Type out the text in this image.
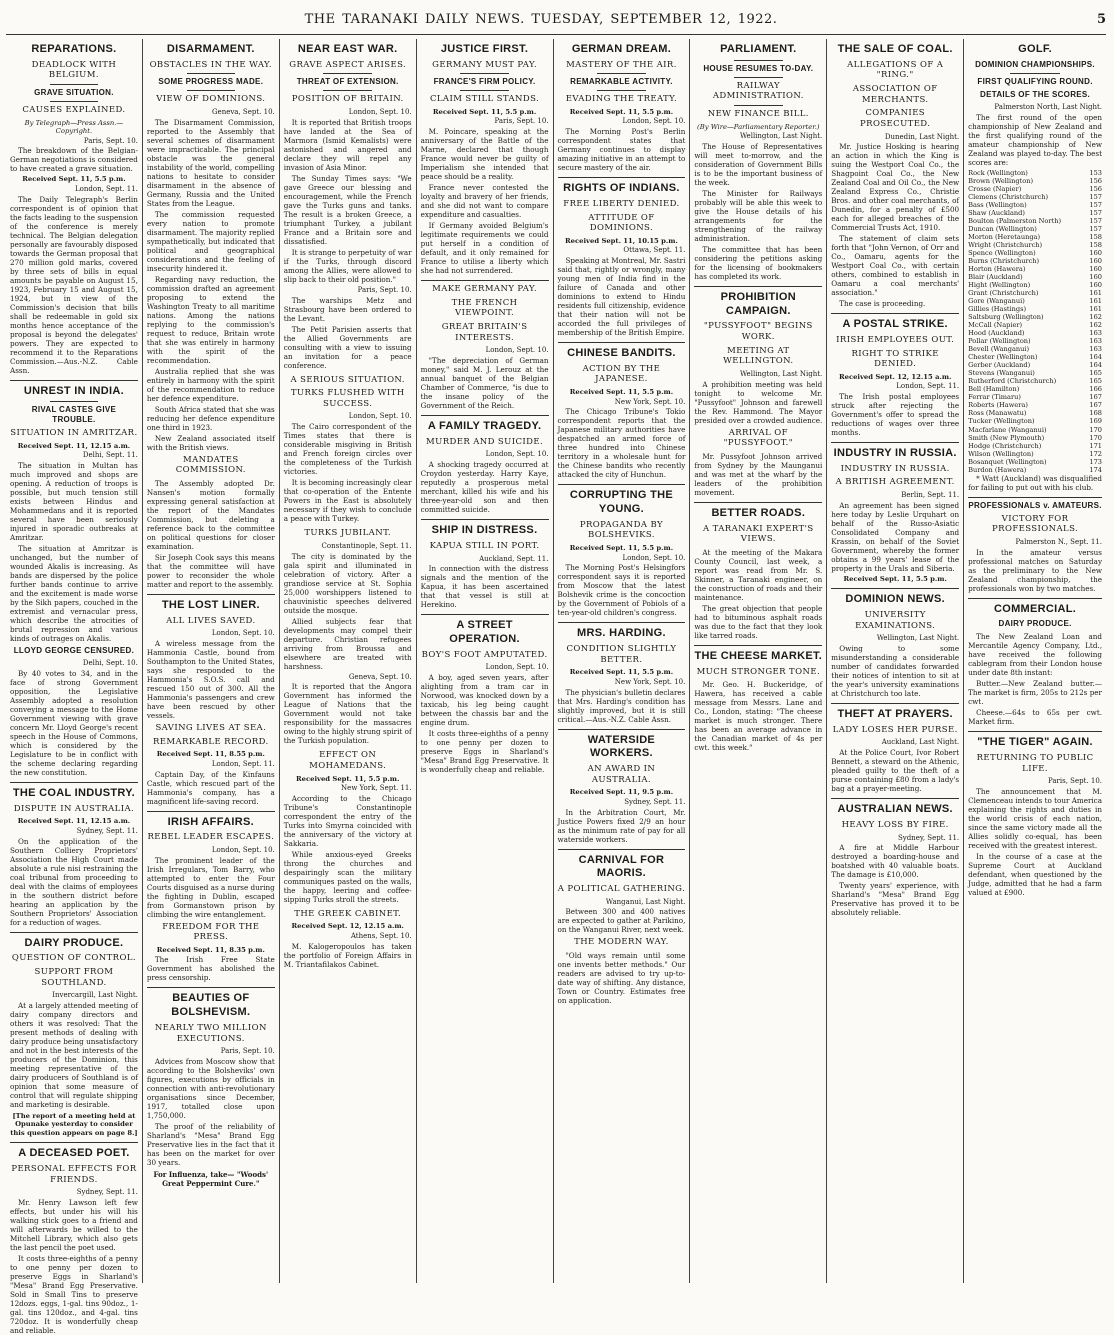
THE TARANAKI DAILY NEWS. TUESDAY, SEPTEMBER 12, 1922.	5
REPARATIONS.
DEADLOCK WITH BELGIUM.
GRAVE SITUATION.
CAUSES EXPLAINED.
By Telegraph—Press Assn.—Copyright.
Paris, Sept. 10.

The breakdown of the Belgian-German negotiations is considered to have created a grave situation.

Received Sept. 11, 5.5 p.m.
London, Sept. 11.

The Daily Telegraph's Berlin correspondent is of opinion that the facts leading to the suspension of the conference is merely technical. The Belgian delegation personally are favourably disposed towards the German proposal that 270 million gold marks, covered by three sets of bills in equal amounts be payable on August 15, 1923, February 15 and August 15, 1924, but in view of the Commission's decision that bills shall be redeemable in gold six months hence acceptance of the proposal is beyond the delegates' powers. They are expected to recommend it to the Reparations Commission.—Aus.-N.Z. Cable Assn.

UNREST IN INDIA.
RIVAL CASTES GIVE TROUBLE.
SITUATION IN AMRITZAR.
Received Sept. 11, 12.15 a.m.
Delhi, Sept. 11.

The situation in Multan has much improved and shops are opening. A reduction of troops is possible, but much tension still exists between Hindus and Mohammedans and it is reported several have been seriously injured in sporadic outbreaks at Amritzar.

The situation at Amritzar is unchanged, but the number of wounded Akalis is increasing. As bands are dispersed by the police further bands continue to arrive and the excitement is made worse by the Sikh papers, couched in the extremist and vernacular press, which describe the atrocities of brutal repression and various kinds of outrages on Akalis.

LLOYD GEORGE CENSURED.
Delhi, Sept. 10.

By 40 votes to 34, and in the face of strong Government opposition, the Legislative Assembly adopted a resolution conveying a message to the Home Government viewing with grave concern Mr. Lloyd George's recent speech in the House of Commons, which is considered by the Legislature to be in conflict with the scheme declaring regarding the new constitution.

THE COAL INDUSTRY.
DISPUTE IN AUSTRALIA.
Received Sept. 11, 12.15 a.m.
Sydney, Sept. 11.

On the application of the Southern Colliery Proprietors' Association the High Court made absolute a rule nisi restraining the coal tribunal from proceeding to deal with the claims of employees in the southern district before hearing an application by the Southern Proprietors' Association for a reduction of wages.

DAIRY PRODUCE.
QUESTION OF CONTROL.
SUPPORT FROM SOUTHLAND.
Invercargill, Last Night.

At a largely attended meeting of dairy company directors and others it was resolved: That the present methods of dealing with dairy produce being unsatisfactory and not in the best interests of the producers of the Dominion, this meeting representative of the dairy producers of Southland is of opinion that some measure of control that will regulate shipping and marketing is desirable.

[The report of a meeting held at Opunake yesterday to consider this question appears on page 8.]
A DECEASED POET.
PERSONAL EFFECTS FOR FRIENDS.
Sydney, Sept. 11.

Mr. Henry Lawson left few effects, but under his will his walking stick goes to a friend and will afterwards be willed to the Mitchell Library, which also gets the last pencil the poet used.

It costs three-eighths of a penny to one penny per dozen to preserve Eggs in Sharland's "Mesa" Brand Egg Preservative. Sold in Small Tins to preserve 12dozs. eggs, 1-gal. tins 90doz., 1-gal. tins 120doz., and 4-gal. tins 720doz. It is wonderfully cheap and reliable.

DISARMAMENT.
OBSTACLES IN THE WAY.
SOME PROGRESS MADE.
VIEW OF DOMINIONS.
Geneva, Sept. 10.

The Disarmament Commission, reported to the Assembly that several schemes of disarmament were impracticable. The principal obstacle was the general instability of the world, compelling nations to hesitate to consider disarmament in the absence of Germany, Russia and the United States from the League.

The commission requested every nation to promote disarmament. The majority replied sympathetically, but indicated that political and geographical considerations and the feeling of insecurity hindered it.

Regarding navy reduction, the commission drafted an agreement proposing to extend the Washington Treaty to all maritime nations. Among the nations replying to the commission's request to reduce, Britain wrote that she was entirely in harmony with the spirit of the recommendation.

Australia replied that she was entirely in harmony with the spirit of the recommendation to reduce her defence expenditure.

South Africa stated that she was reducing her defence expenditure one third in 1923.

New Zealand associated itself with the British views.

MANDATES COMMISSION.

The Assembly adopted Dr. Nansen's motion formally expressing general satisfaction at the report of the Mandates Commission, but deleting a reference back to the committee on political questions for closer examination.

Sir Joseph Cook says this means that the committee will have power to reconsider the whole matter and report to the assembly.

THE LOST LINER.
ALL LIVES SAVED.
London, Sept. 10.

A wireless message from the Hammonia Castle, bound from Southampton to the United States, says she responded to the Hammonia's S.O.S. call and rescued 150 out of 300. All the Hammonia's passengers and crew have been rescued by other vessels.

SAVING LIVES AT SEA.
REMARKABLE RECORD.
Received Sept. 11, 8.55 p.m.
London, Sept. 11.

Captain Day, of the Kinfauns Castle, which rescued part of the Hammonia's company, has a magnificent life-saving record.

IRISH AFFAIRS.
REBEL LEADER ESCAPES.
London, Sept. 10.

The prominent leader of the Irish Irregulars, Tom Barry, who attempted to enter the Four Courts disguised as a nurse during the fighting in Dublin, escaped from Gormanstown prison by climbing the wire entanglement.

FREEDOM FOR THE PRESS.
Received Sept. 11, 8.35 p.m.

The Irish Free State Government has abolished the press censorship.

BEAUTIES OF BOLSHEVISM.
NEARLY TWO MILLION EXECUTIONS.
Paris, Sept. 10.

Advices from Moscow show that according to the Bolsheviks' own figures, executions by officials in connection with anti-revolutionary organisations since December, 1917, totalled close upon 1,750,000.

The proof of the reliability of Sharland's "Mesa" Brand Egg Preservative lies in the fact that it has been on the market for over 30 years.

For Influenza, take— "Woods' Great Peppermint Cure."
NEAR EAST WAR.
GRAVE ASPECT ARISES.
THREAT OF EXTENSION.
POSITION OF BRITAIN.
London, Sept. 10.

It is reported that British troops have landed at the Sea of Marmora (Ismid Kemalists) were astonished and angered and declare they will repel any invasion of Asia Minor.

The Sunday Times says: "We gave Greece our blessing and encouragement, while the French gave the Turks guns and tanks. The result is a broken Greece, a triumphant Turkey, a jubilant France and a Britain sore and dissatisfied.

It is strange to perpetuity of war if the Turks, through discord among the Allies, were allowed to slip back to their old position."

Paris, Sept. 10.

The warships Metz and Strasbourg have been ordered to the Levant.

The Petit Parisien asserts that the Allied Governments are consulting with a view to issuing an invitation for a peace conference.

A SERIOUS SITUATION.
TURKS FLUSHED WITH SUCCESS.
London, Sept. 10.

The Cairo correspondent of the Times states that there is considerable misgiving in British and French foreign circles over the completeness of the Turkish victories.

It is becoming increasingly clear that co-operation of the Entente Powers in the East is absolutely necessary if they wish to conclude a peace with Turkey.

TURKS JUBILANT.
Constantinople, Sept. 11.

The city is dominated by the gala spirit and illuminated in celebration of victory. After a grandiose service at St. Sophia 25,000 worshippers listened to chauvinistic speeches delivered outside the mosque.

Allied subjects fear that developments may compel their departure. Christian refugees arriving from Broussa and elsewhere are treated with harshness.

Geneva, Sept. 10.

It is reported that the Angora Government has informed the League of Nations that the Government would not take responsibility for the massacres owing to the highly strung spirit of the Turkish population.

EFFECT ON MOHAMEDANS.
Received Sept. 11, 5.5 p.m.
New York, Sept. 11.

According to the Chicago Tribune's Constantinople correspondent the entry of the Turks into Smyrna coincided with the anniversary of the victory at Sakkaria.

While anxious-eyed Greeks throng the churches and despairingly scan the military communiques pasted on the walls, the happy, leering and coffee-sipping Turks stroll the streets.

THE GREEK CABINET.
Received Sept. 12, 12.15 a.m.
Athens, Sept. 10.

M. Kalogeropoulos has taken the portfolio of Foreign Affairs in M. Triantafilakos Cabinet.

JUSTICE FIRST.
GERMANY MUST PAY.
FRANCE'S FIRM POLICY.
CLAIM STILL STANDS.
Received Sept. 11, 5.5 p.m.
Paris, Sept. 10.

M. Poincare, speaking at the anniversary of the Battle of the Marne, declared that though France would never be guilty of Imperialism she intended that peace should be a reality.

France never contested the loyalty and bravery of her friends, and she did not want to compare expenditure and casualties.

If Germany avoided Belgium's legitimate requirements we could put herself in a condition of default, and it only remained for France to utilise a liberty which she had not surrendered.

MAKE GERMANY PAY.
THE FRENCH VIEWPOINT.
GREAT BRITAIN'S INTERESTS.
London, Sept. 10.

"The depreciation of German money," said M. J. Lerouz at the annual banquet of the Belgian Chamber of Commerce, "is due to the insane policy of the Government of the Reich.

A FAMILY TRAGEDY.
MURDER AND SUICIDE.
London, Sept. 10.

A shocking tragedy occurred at Croydon yesterday. Harry Kaye, reputedly a prosperous metal merchant, killed his wife and his three-year-old son and then committed suicide.

SHIP IN DISTRESS.
KAPUA STILL IN PORT.
Auckland, Sept. 11.

In connection with the distress signals and the mention of the Kapua, it has been ascertained that that vessel is still at Herekino.

A STREET OPERATION.
BOY'S FOOT AMPUTATED.
London, Sept. 10.

A boy, aged seven years, after alighting from a tram car in Norwood, was knocked down by a taxicab, his leg being caught between the chassis bar and the engine drum.

It costs three-eighths of a penny to one penny per dozen to preserve Eggs in Sharland's "Mesa" Brand Egg Preservative. It is wonderfully cheap and reliable.

GERMAN DREAM.
MASTERY OF THE AIR.
REMARKABLE ACTIVITY.
EVADING THE TREATY.
Received Sept. 11, 5.5 p.m.
London, Sept. 10.

The Morning Post's Berlin correspondent states that Germany continues to display amazing initiative in an attempt to secure mastery of the air.

RIGHTS OF INDIANS.
FREE LIBERTY DENIED.
ATTITUDE OF DOMINIONS.
Received Sept. 11, 10.15 p.m.
Ottawa, Sept. 11.

Speaking at Montreal, Mr. Sastri said that, rightly or wrongly, many young men of India find in the failure of Canada and other dominions to extend to Hindu residents full citizenship, evidence that their nation will not be accorded the full privileges of membership of the British Empire.

CHINESE BANDITS.
ACTION BY THE JAPANESE.
Received Sept. 11, 5.5 p.m.
New York, Sept. 10.

The Chicago Tribune's Tokio correspondent reports that the Japanese military authorities have despatched an armed force of three hundred into Chinese territory in a wholesale hunt for the Chinese bandits who recently attacked the city of Hunchun.

CORRUPTING THE YOUNG.
PROPAGANDA BY BOLSHEVIKS.
Received Sept. 11, 5.5 p.m.
London, Sept. 10.

The Morning Post's Helsingfors correspondent says it is reported from Moscow that the latest Bolshevik crime is the concoction by the Government of Pobiols of a ten-year-old children's congress.

MRS. HARDING.
CONDITION SLIGHTLY BETTER.
Received Sept. 11, 5.5 p.m.
New York, Sept. 10.

The physician's bulletin declares that Mrs. Harding's condition has slightly improved, but it is still critical.—Aus.-N.Z. Cable Assn.

WATERSIDE WORKERS.
AN AWARD IN AUSTRALIA.
Received Sept. 11, 9.5 p.m.
Sydney, Sept. 11.

In the Arbitration Court, Mr. Justice Powers fixed 2/9 an hour as the minimum rate of pay for all waterside workers.

CARNIVAL FOR MAORIS.
A POLITICAL GATHERING.
Wanganui, Last Night.

Between 300 and 400 natives are expected to gather at Parikino, on the Wanganui River, next week.

THE MODERN WAY.

"Old ways remain until some one invents better methods." Our readers are advised to try up-to-date way of shifting. Any distance, Town or Country. Estimates free on application.

PARLIAMENT.
HOUSE RESUMES TO-DAY.
RAILWAY ADMINISTRATION.
NEW FINANCE BILL.
(By Wire—Parliamentary Reporter.)
Wellington, Last Night.

The House of Representatives will meet to-morrow, and the consideration of Government Bills is to be the important business of the week.

The Minister for Railways probably will be able this week to give the House details of his arrangements for the strengthening of the railway administration.

The committee that has been considering the petitions asking for the licensing of bookmakers has completed its work.

PROHIBITION CAMPAIGN.
"PUSSYFOOT" BEGINS WORK.
MEETING AT WELLINGTON.
Wellington, Last Night.

A prohibition meeting was held tonight to welcome Mr. "Pussyfoot" Johnson and farewell the Rev. Hammond. The Mayor presided over a crowded audience.

ARRIVAL OF "PUSSYFOOT."

Mr. Pussyfoot Johnson arrived from Sydney by the Maunganui and was met at the wharf by the leaders of the prohibition movement.

BETTER ROADS.
A TARANAKI EXPERT'S VIEWS.

At the meeting of the Makara County Council, last week, a report was read from Mr. S. Skinner, a Taranaki engineer, on the construction of roads and their maintenance.

The great objection that people had to bituminous asphalt roads was due to the fact that they look like tarred roads.

THE CHEESE MARKET.
MUCH STRONGER TONE.

Mr. Geo. H. Buckeridge, of Hawera, has received a cable message from Messrs. Lane and Co., London, stating: "The cheese market is much stronger. There has been an average advance in the Canadian market of 4s per cwt. this week."

THE SALE OF COAL.
ALLEGATIONS OF A "RING."
ASSOCIATION OF MERCHANTS.
COMPANIES PROSECUTED.
Dunedin, Last Night.

Mr. Justice Hosking is hearing an action in which the King is suing the Westport Coal Co., the Shagpoint Coal Co., the New Zealand Coal and Oil Co., the New Zealand Express Co., Christie Bros. and other coal merchants, of Dunedin, for a penalty of £500 each for alleged breaches of the Commercial Trusts Act, 1910.

The statement of claim sets forth that "John Vernon, of Orr and Co., Oamaru, agents for the Westport Coal Co., with certain others, combined to establish in Oamaru a coal merchants' association."

The case is proceeding.

A POSTAL STRIKE.
IRISH EMPLOYEES OUT.
RIGHT TO STRIKE DENIED.
Received Sept. 12, 12.15 a.m.
London, Sept. 11.

The Irish postal employees struck after rejecting the Government's offer to spread the reductions of wages over three months.

INDUSTRY IN RUSSIA.
INDUSTRY IN RUSSIA.
A BRITISH AGREEMENT.
Berlin, Sept. 11.

An agreement has been signed here today by Leslie Urquhart on behalf of the Russo-Asiatic Consolidated Company and Krassin, on behalf of the Soviet Government, whereby the former obtains a 99 years' lease of the property in the Urals and Siberia.

Received Sept. 11, 5.5 p.m.
DOMINION NEWS.
UNIVERSITY EXAMINATIONS.
Wellington, Last Night.

Owing to some misunderstanding a considerable number of candidates forwarded their notices of intention to sit at the year's university examinations at Christchurch too late.

THEFT AT PRAYERS.
LADY LOSES HER PURSE.
Auckland, Last Night.

At the Police Court, Ivor Robert Bennett, a steward on the Athenic, pleaded guilty to the theft of a purse containing £80 from a lady's bag at a prayer-meeting.

AUSTRALIAN NEWS.
HEAVY LOSS BY FIRE.
Sydney, Sept. 11.

A fire at Middle Harbour destroyed a boarding-house and boatshed with 40 valuable boats. The damage is £10,000.

Twenty years' experience, with Sharland's "Mesa" Brand Egg Preservative has proved it to be absolutely reliable.

GOLF.
DOMINION CHAMPIONSHIPS.
FIRST QUALIFYING ROUND.
DETAILS OF THE SCORES.
Palmerston North, Last Night.

The first round of the open championship of New Zealand and the first qualifying round of the amateur championship of New Zealand was played to-day. The best scores are:

Rock (Wellington)	153
Brown (Wellington)	156
Crosse (Napier)	156
Clemens (Christchurch)	157
Bass (Wellington)	157
Shaw (Auckland)	157
Boulton (Palmerston North)	157
Duncan (Wellington)	157
Morton (Heretaunga)	158
Wright (Christchurch)	158
Spence (Wellington)	160
Burns (Christchurch)	160
Horton (Hawera)	160
Blair (Auckland)	160
Hight (Wellington)	160
Grant (Christchurch)	161
Gore (Wanganui)	161
Gillies (Hastings)	161
Saltsburg (Wellington)	162
McCall (Napier)	162
Hood (Auckland)	163
Pollar (Wellington)	163
Bevell (Wanganui)	163
Chester (Wellington)	164
Gerber (Auckland)	164
Stevens (Wanganui)	165
Rutherford (Christchurch)	165
Bell (Hamilton)	166
Ferrar (Timaru)	167
Roberts (Hawera)	167
Ross (Manawatu)	168
Tucker (Wellington)	169
Macfarlane (Wanganui)	170
Smith (New Plymouth)	170
Hodge (Christchurch)	171
Wilson (Wellington)	172
Bosanquet (Wellington)	173
Burdon (Hawera)	174

* Watt (Auckland) was disqualified for failing to put out with his club.

PROFESSIONALS v. AMATEURS.
VICTORY FOR PROFESSIONALS.
Palmerston N., Sept. 11.

In the amateur versus professional matches on Saturday as the preliminary to the New Zealand championship, the professionals won by two matches.

COMMERCIAL.
DAIRY PRODUCE.

The New Zealand Loan and Mercantile Agency Company, Ltd., have received the following cablegram from their London house under date 8th instant:

Butter.—New Zealand butter.—The market is firm, 205s to 212s per cwt.

Cheese.—64s to 65s per cwt. Market firm.

"THE TIGER" AGAIN.
RETURNING TO PUBLIC LIFE.
Paris, Sept. 10.

The announcement that M. Clemenceau intends to tour America explaining the rights and duties in the world crisis of each nation, since the same victory made all the Allies solidly co-equal, has been received with the greatest interest.

In the course of a case at the Supreme Court at Auckland defendant, when questioned by the Judge, admitted that he had a farm valued at £900.
